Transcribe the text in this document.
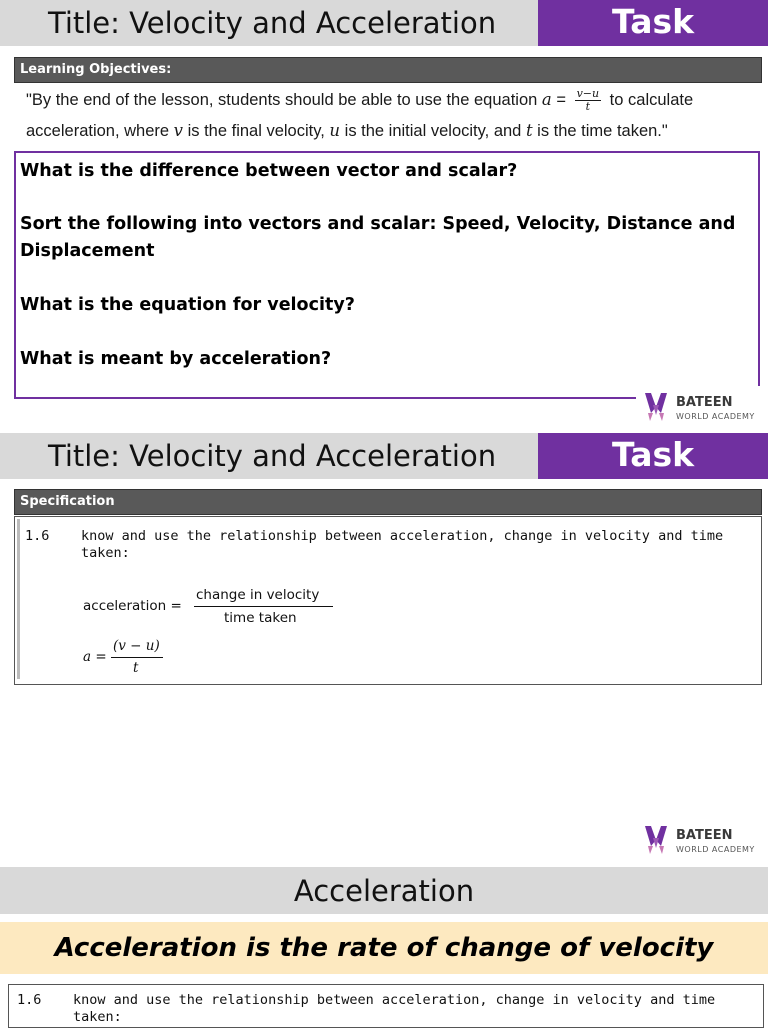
Title: Velocity and Acceleration	Task
Learning Objectives:
"By the end of the lesson, students should be able to use the equation $a = \frac{v-u}{t}$ to calculate
acceleration, where v is the final velocity, u is the initial velocity, and t is the time taken."

What is the difference between vector and scalar?

Sort the following into vectors and scalar: Speed, Velocity, Distance and Displacement

What is the equation for velocity?

What is meant by acceleration?

BATEEN
WORLD ACADEMY
Title: Velocity and Acceleration	Task
Specification
1.6 know and use the relationship between acceleration, change in velocity and time taken:
acceleration =
change in velocity
time taken
a =
(v − u)
t
BATEEN
WORLD ACADEMY
Acceleration
Acceleration is the rate of change of velocity
1.6 know and use the relationship between acceleration, change in velocity and time taken:
